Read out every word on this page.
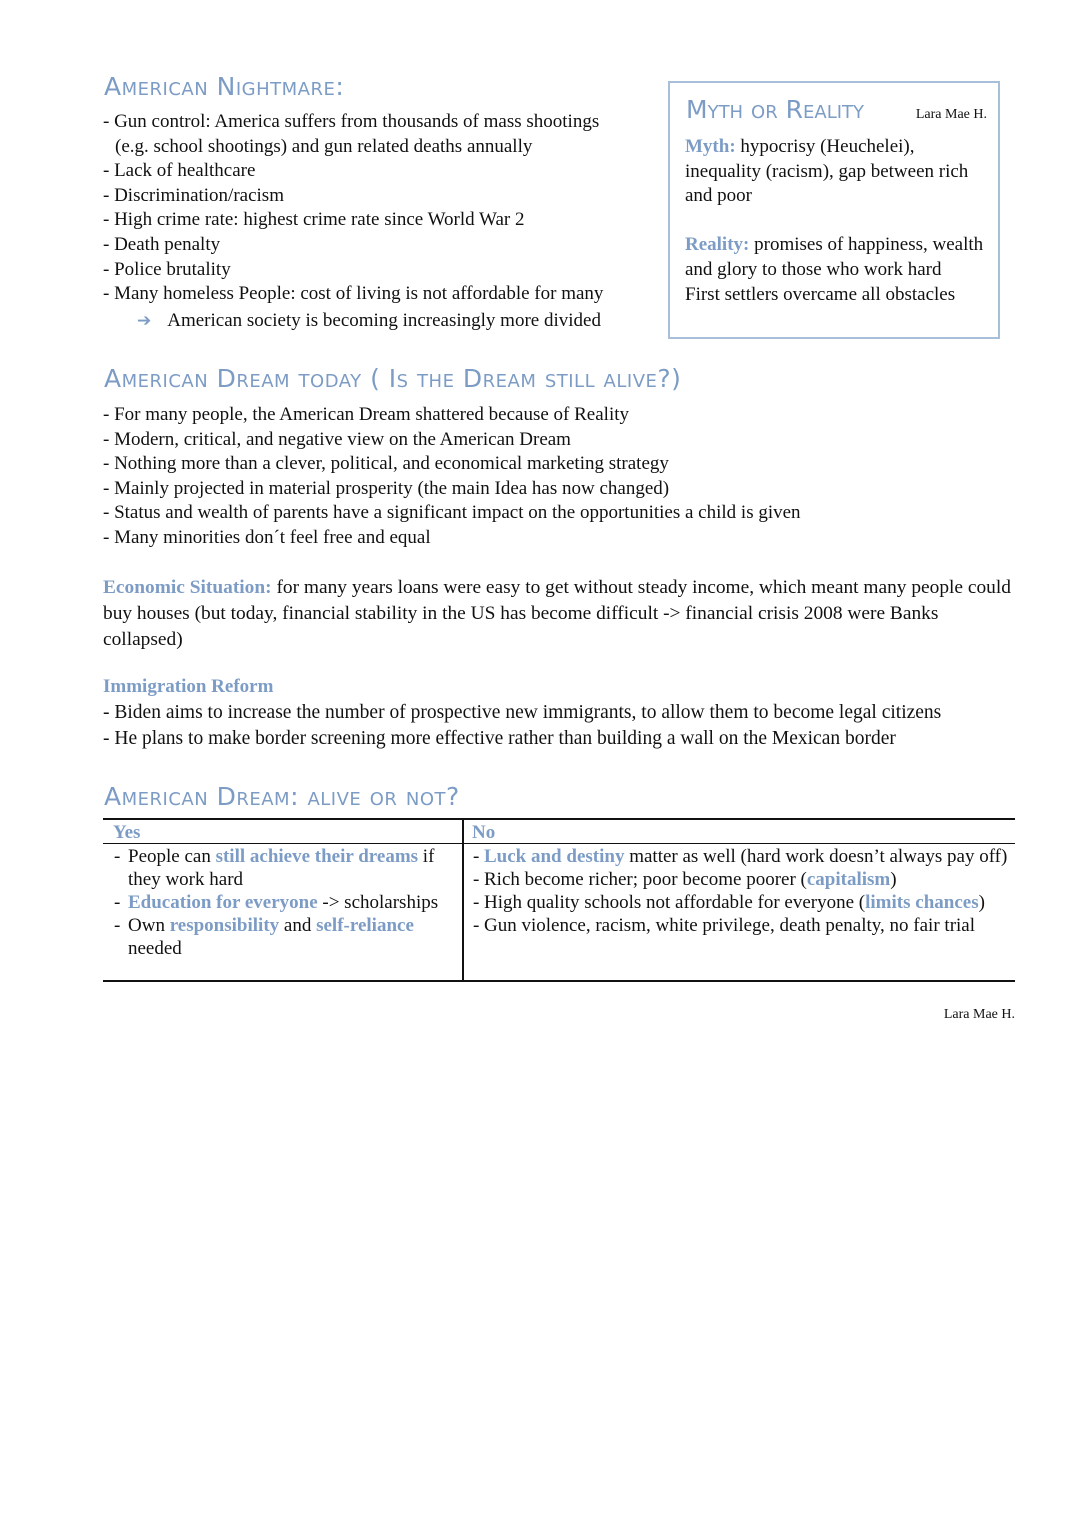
American Nightmare:
- Gun control: America suffers from thousands of mass shootings
(e.g. school shootings) and gun related deaths annually
- Lack of healthcare
- Discrimination/racism
- High crime rate: highest crime rate since World War 2
- Death penalty
- Police brutality
- Many homeless People: cost of living is not affordable for many
➔ American society is becoming increasingly more divided
Myth or Reality	Lara Mae H.
Myth: hypocrisy (Heuchelei), inequality (racism), gap between rich and poor
Reality: promises of happiness, wealth and glory to those who work hard
First settlers overcame all obstacles
American Dream today ( Is the Dream still alive?)
- For many people, the American Dream shattered because of Reality
- Modern, critical, and negative view on the American Dream
- Nothing more than a clever, political, and economical marketing strategy
- Mainly projected in material prosperity (the main Idea has now changed)
- Status and wealth of parents have a significant impact on the opportunities a child is given
- Many minorities don´t feel free and equal
Economic Situation: for many years loans were easy to get without steady income, which meant many people could buy houses (but today, financial stability in the US has become difficult -> financial crisis 2008 were Banks collapsed)
Immigration Reform
- Biden aims to increase the number of prospective new immigrants, to allow them to become legal citizens
- He plans to make border screening more effective rather than building a wall on the Mexican border
American Dream: alive or not?
Yes	No
- People can still achieve their dreams if they work hard
- Education for everyone -> scholarships
- Own responsibility and self-reliance needed
- Luck and destiny matter as well (hard work doesn’t always pay off)
- Rich become richer; poor become poorer (capitalism)
- High quality schools not affordable for everyone (limits chances)
- Gun violence, racism, white privilege, death penalty, no fair trial
Lara Mae H.
